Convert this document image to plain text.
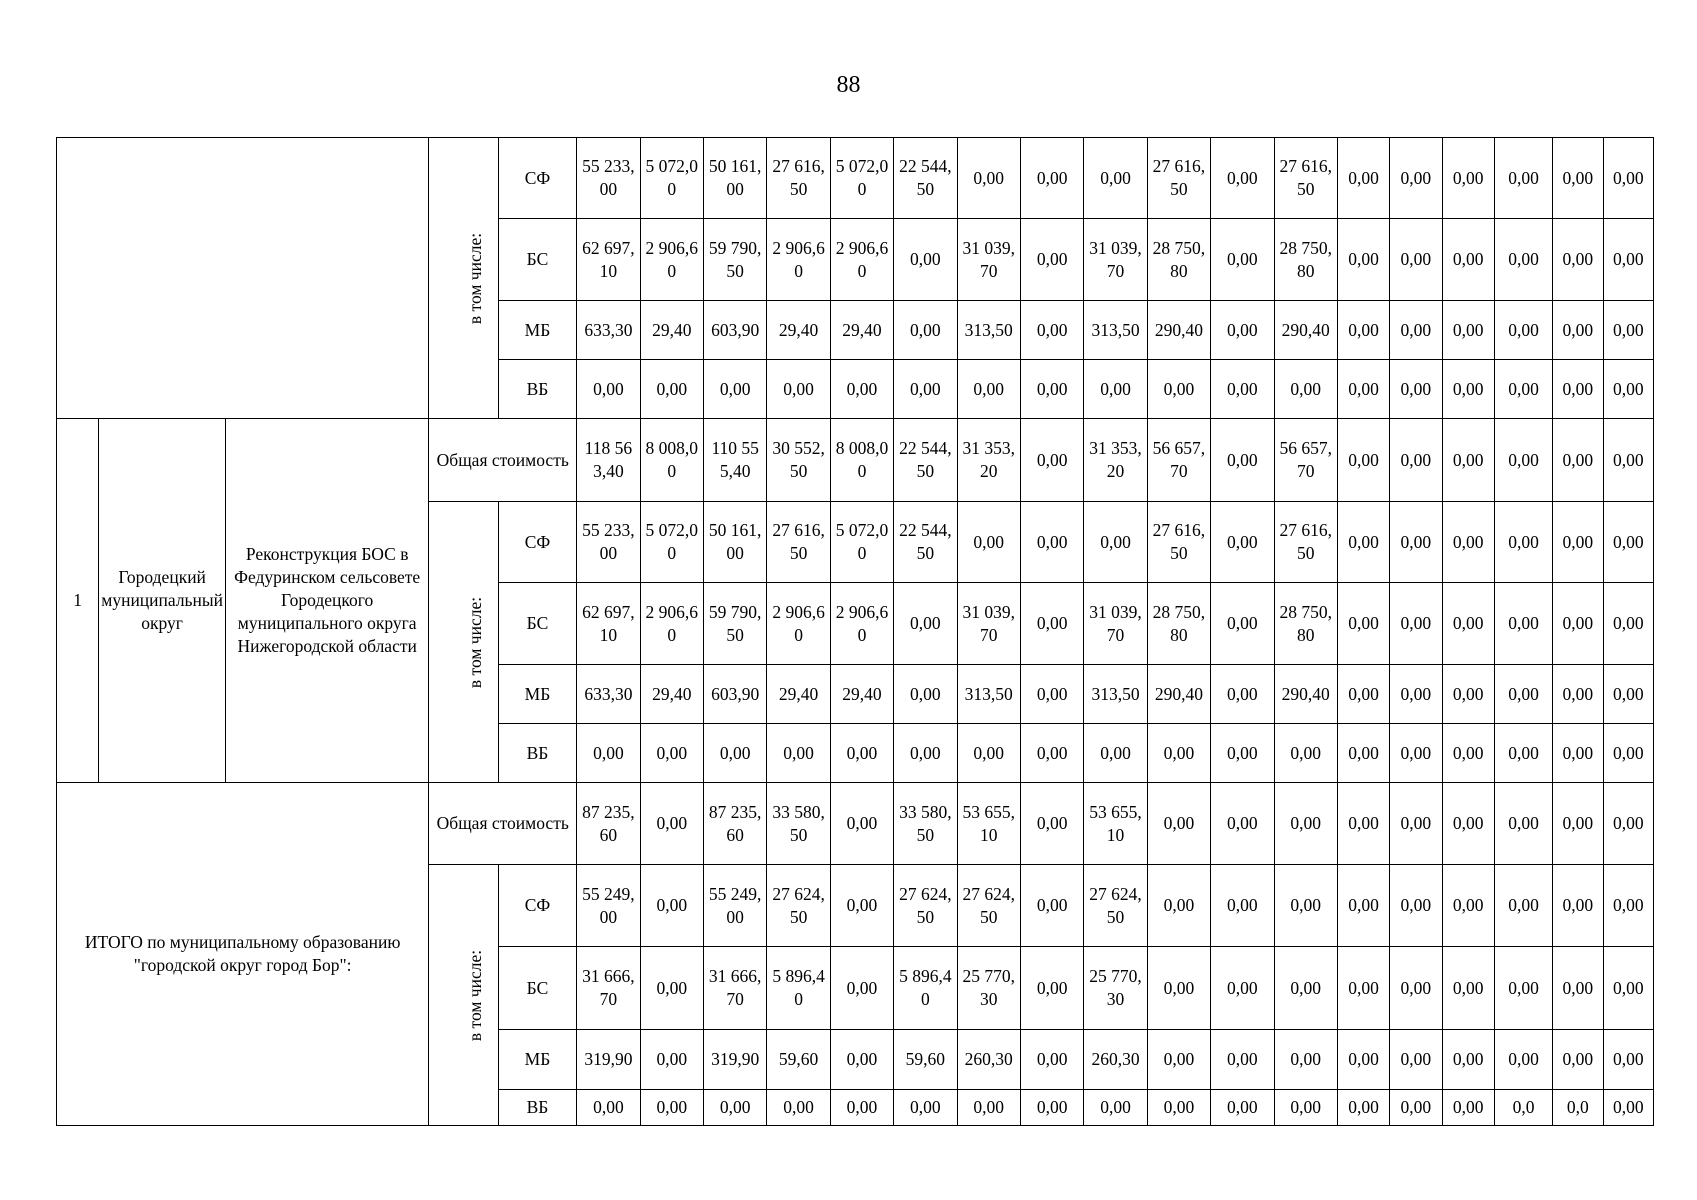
88
			в том числе:	СФ	55 233,00	5 072,00	50 161,00	27 616,50	5 072,00	22 544,50	0,00	0,00	0,00	27 616,50	0,00	27 616,50	0,00	0,00	0,00	0,00	0,00	0,00
				БС	62 697,10	2 906,60	59 790,50	2 906,60	2 906,60	0,00	31 039,70	0,00	31 039,70	28 750,80	0,00	28 750,80	0,00	0,00	0,00	0,00	0,00	0,00
				МБ	633,30	29,40	603,90	29,40	29,40	0,00	313,50	0,00	313,50	290,40	0,00	290,40	0,00	0,00	0,00	0,00	0,00	0,00
				ВБ	0,00	0,00	0,00	0,00	0,00	0,00	0,00	0,00	0,00	0,00	0,00	0,00	0,00	0,00	0,00	0,00	0,00	0,00
1	Городецкий муниципальный округ	Реконструкция БОС в Федуринском сельсовете Городецкого муниципального округа Нижегородской области	Общая стоимость		118 563,40	8 008,00	110 555,40	30 552,50	8 008,00	22 544,50	31 353,20	0,00	31 353,20	56 657,70	0,00	56 657,70	0,00	0,00	0,00	0,00	0,00	0,00
			в том числе:	СФ	55 233,00	5 072,00	50 161,00	27 616,50	5 072,00	22 544,50	0,00	0,00	0,00	27 616,50	0,00	27 616,50	0,00	0,00	0,00	0,00	0,00	0,00
				БС	62 697,10	2 906,60	59 790,50	2 906,60	2 906,60	0,00	31 039,70	0,00	31 039,70	28 750,80	0,00	28 750,80	0,00	0,00	0,00	0,00	0,00	0,00
				МБ	633,30	29,40	603,90	29,40	29,40	0,00	313,50	0,00	313,50	290,40	0,00	290,40	0,00	0,00	0,00	0,00	0,00	0,00
				ВБ	0,00	0,00	0,00	0,00	0,00	0,00	0,00	0,00	0,00	0,00	0,00	0,00	0,00	0,00	0,00	0,00	0,00	0,00
ИТОГО по муниципальному образованию "городской округ город Бор":			Общая стоимость		87 235,60	0,00	87 235,60	33 580,50	0,00	33 580,50	53 655,10	0,00	53 655,10	0,00	0,00	0,00	0,00	0,00	0,00	0,00	0,00	0,00
			в том числе:	СФ	55 249,00	0,00	55 249,00	27 624,50	0,00	27 624,50	27 624,50	0,00	27 624,50	0,00	0,00	0,00	0,00	0,00	0,00	0,00	0,00	0,00
				БС	31 666,70	0,00	31 666,70	5 896,40	0,00	5 896,40	25 770,30	0,00	25 770,30	0,00	0,00	0,00	0,00	0,00	0,00	0,00	0,00	0,00
				МБ	319,90	0,00	319,90	59,60	0,00	59,60	260,30	0,00	260,30	0,00	0,00	0,00	0,00	0,00	0,00	0,00	0,00	0,00
				ВБ	0,00	0,00	0,00	0,00	0,00	0,00	0,00	0,00	0,00	0,00	0,00	0,00	0,00	0,00	0,00	0,0	0,0	0,00
